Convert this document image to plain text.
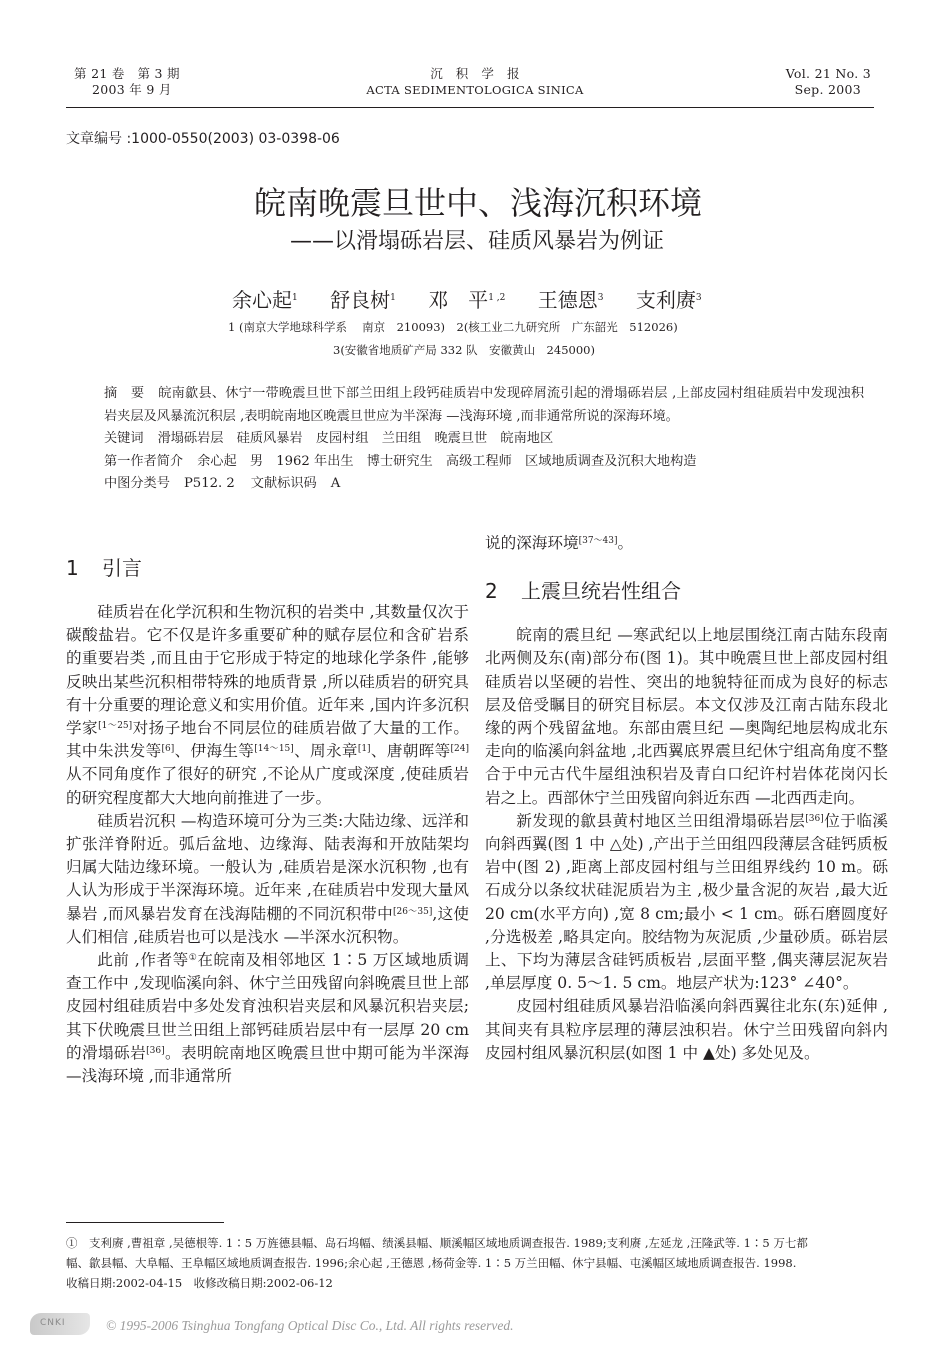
第 21 卷　第 3 期
2003 年 9 月
沉　积　学　报
ACTA SEDIMENTOLOGICA SINICA
Vol. 21 No. 3
Sep. 2003
文章编号 :1000-0550(2003) 03-0398-06
皖南晚震旦世中、浅海沉积环境
——以滑塌砾岩层、硅质风暴岩为例证
余心起$^1$ 舒良树$^1$ 邓　平$^{1 ,2}$ 王德恩$^3$ 支利赓$^3$
1 (南京大学地球科学系　 南京　210093)　2(核工业二九研究所　广东韶光　512026)
3(安徽省地质矿产局 332 队　安徽黄山　245000)
摘　要 皖南歙县、休宁一带晚震旦世下部兰田组上段钙硅质岩中发现碎屑流引起的滑塌砾岩层 ,上部皮园村组硅质岩中发现浊积岩夹层及风暴流沉积层 ,表明皖南地区晚震旦世应为半深海 —浅海环境 ,而非通常所说的深海环境。
关键词 滑塌砾岩层　硅质风暴岩　皮园村组　兰田组　晚震旦世　皖南地区
第一作者简介 余心起　男　1962 年出生　博士研究生　高级工程师　区域地质调查及沉积大地构造
中图分类号 P512. 2 文献标识码 A
1 引言

硅质岩在化学沉积和生物沉积的岩类中 ,其数量仅次于碳酸盐岩。它不仅是许多重要矿种的赋存层位和含矿岩系的重要岩类 ,而且由于它形成于特定的地球化学条件 ,能够反映出某些沉积相带特殊的地质背景 ,所以硅质岩的研究具有十分重要的理论意义和实用价值。近年来 ,国内许多沉积学家[1～25]对扬子地台不同层位的硅质岩做了大量的工作。其中朱洪发等[6]、伊海生等[14～15]、周永章[1]、唐朝晖等[24]从不同角度作了很好的研究 ,不论从广度或深度 ,使硅质岩的研究程度都大大地向前推进了一步。

硅质岩沉积 —构造环境可分为三类:大陆边缘、远洋和扩张洋脊附近。弧后盆地、边缘海、陆表海和开放陆架均归属大陆边缘环境。一般认为 ,硅质岩是深水沉积物 ,也有人认为形成于半深海环境。近年来 ,在硅质岩中发现大量风暴岩 ,而风暴岩发育在浅海陆棚的不同沉积带中[26～35],这使人们相信 ,硅质岩也可以是浅水 —半深水沉积物。

此前 ,作者等①在皖南及相邻地区 1∶5 万区域地质调查工作中 ,发现临溪向斜、休宁兰田残留向斜晚震旦世上部皮园村组硅质岩中多处发育浊积岩夹层和风暴沉积岩夹层;其下伏晚震旦世兰田组上部钙硅质岩层中有一层厚 20 cm 的滑塌砾岩[36]。表明皖南地区晚震旦世中期可能为半深海 —浅海环境 ,而非通常所

说的深海环境[37～43]。

2 上震旦统岩性组合

皖南的震旦纪 —寒武纪以上地层围绕江南古陆东段南北两侧及东(南)部分布(图 1)。其中晚震旦世上部皮园村组硅质岩以坚硬的岩性、突出的地貌特征而成为良好的标志层及倍受瞩目的研究目标层。本文仅涉及江南古陆东段北缘的两个残留盆地。东部由震旦纪 —奥陶纪地层构成北东走向的临溪向斜盆地 ,北西翼底界震旦纪休宁组高角度不整合于中元古代牛屋组浊积岩及青白口纪许村岩体花岗闪长岩之上。西部休宁兰田残留向斜近东西 —北西西走向。

新发现的歙县黄村地区兰田组滑塌砾岩层[36]位于临溪向斜西翼(图 1 中 △处) ,产出于兰田组四段薄层含硅钙质板岩中(图 2) ,距离上部皮园村组与兰田组界线约 10 m。砾石成分以条纹状硅泥质岩为主 ,极少量含泥的灰岩 ,最大近 20 cm(水平方向) ,宽 8 cm;最小 < 1 cm。砾石磨圆度好 ,分选极差 ,略具定向。胶结物为灰泥质 ,少量砂质。砾岩层上、下均为薄层含硅钙质板岩 ,层面平整 ,偶夹薄层泥灰岩 ,单层厚度 0. 5～1. 5 cm。地层产状为:123° ∠40°。

皮园村组硅质风暴岩沿临溪向斜西翼往北东(东)延伸 ,其间夹有具粒序层理的薄层浊积岩。休宁兰田残留向斜内皮园村组风暴沉积层(如图 1 中 ▲处) 多处见及。

①　支利赓 ,曹祖章 ,吴德根等. 1∶5 万旌德县幅、岛石坞幅、绩溪县幅、顺溪幅区域地质调查报告. 1989;支利赓 ,左延龙 ,汪隆武等. 1∶5 万七都
幅、歙县幅、大阜幅、王阜幅区域地质调查报告. 1996;余心起 ,王德恩 ,杨荷金等. 1∶5 万兰田幅、休宁县幅、屯溪幅区域地质调查报告. 1998.
收稿日期:2002-04-15　收修改稿日期:2002-06-12
CNKI	© 1995-2006 Tsinghua Tongfang Optical Disc Co., Ltd. All rights reserved.
